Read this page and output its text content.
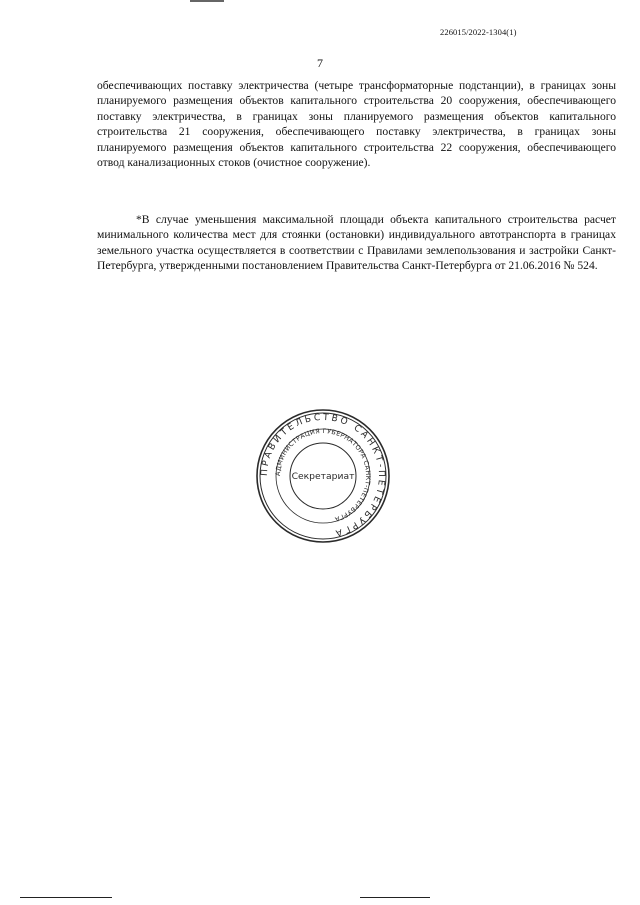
226015/2022-1304(1)
7

обеспечивающих поставку электричества (четыре трансформаторные подстанции), в границах зоны планируемого размещения объектов капитального строительства 20 сооружения, обеспечивающего поставку электричества, в границах зоны планируемого размещения объектов капитального строительства 21 сооружения, обеспечивающего поставку электричества, в границах зоны планируемого размещения объектов капитального строительства 22 сооружения, обеспечивающего отвод канализационных стоков (очистное сооружение).

*В случае уменьшения максимальной площади объекта капитального строительства расчет минимального количества мест для стоянки (остановки) индивидуального автотранспорта в границах земельного участка осуществляется в соответствии с Правилами землепользования и застройки Санкт-Петербурга, утвержденными постановлением Правительства Санкт-Петербурга от 21.06.2016 № 524.

ПРАВИТЕЛЬСТВО САНКТ-ПЕТЕРБУРГА
АДМИНИСТРАЦИЯ ГУБЕРНАТОРА САНКТ-ПЕТЕРБУРГА
Секретариат
